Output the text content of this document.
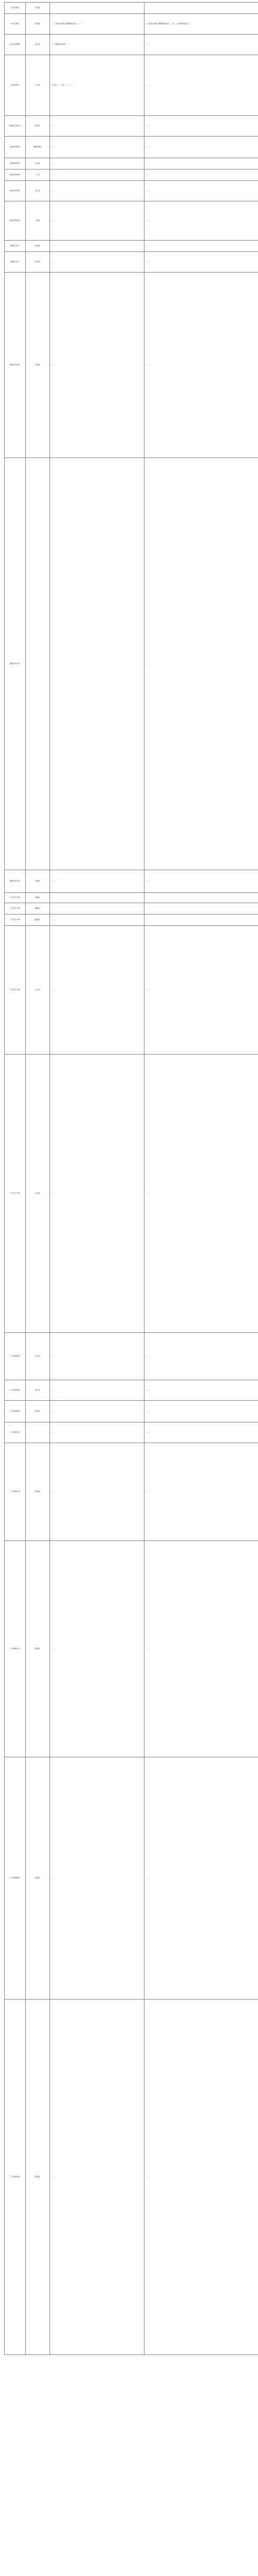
山东济南市	历城区		
山东日照市	东港区	……日照市东港区秦楼街道全部（……）	1.日照市东港区秦楼街道全部……2.……日照市东港区……
山东省淄博市	张店区	……淄博市张店区……	……
山东临沂市	兰山区	兰山区……（第……）……	……
河南省平顶山市	新华区	……	……
河南省郑州市	管城回族区	……	……
河南省郑州市	金水区	……	
河南省郑州市	二七区	……	……
河南省信阳市	光山县	……	……
河南省郑州市	上街区	……	……
湖南长沙市	芙蓉区	……	……
湖南长沙市	雨花区	……	……
湖南省长沙市	望城区	……	……
湖南省长沙市		……	……
湖南省长沙市	开福区	……	……
广东省广州市	海珠区		
广东省广州市	番禺区	……	
广东省广州市	越秀区	……	
广东省广州市	白云区	……	……
广东省广州市	天河区	……	……
广东省深圳市	宝安区	……	……
广东省深圳市	南山区	……	……
广东省深圳市	龙岗区	……	……
广东省东莞市		……	……
广东省佛山市	南海区	……	……
广东省佛山市	顺德区	……	……
广东省珠海市	香洲区	……	……
广东省惠州市	惠城区	……	……
